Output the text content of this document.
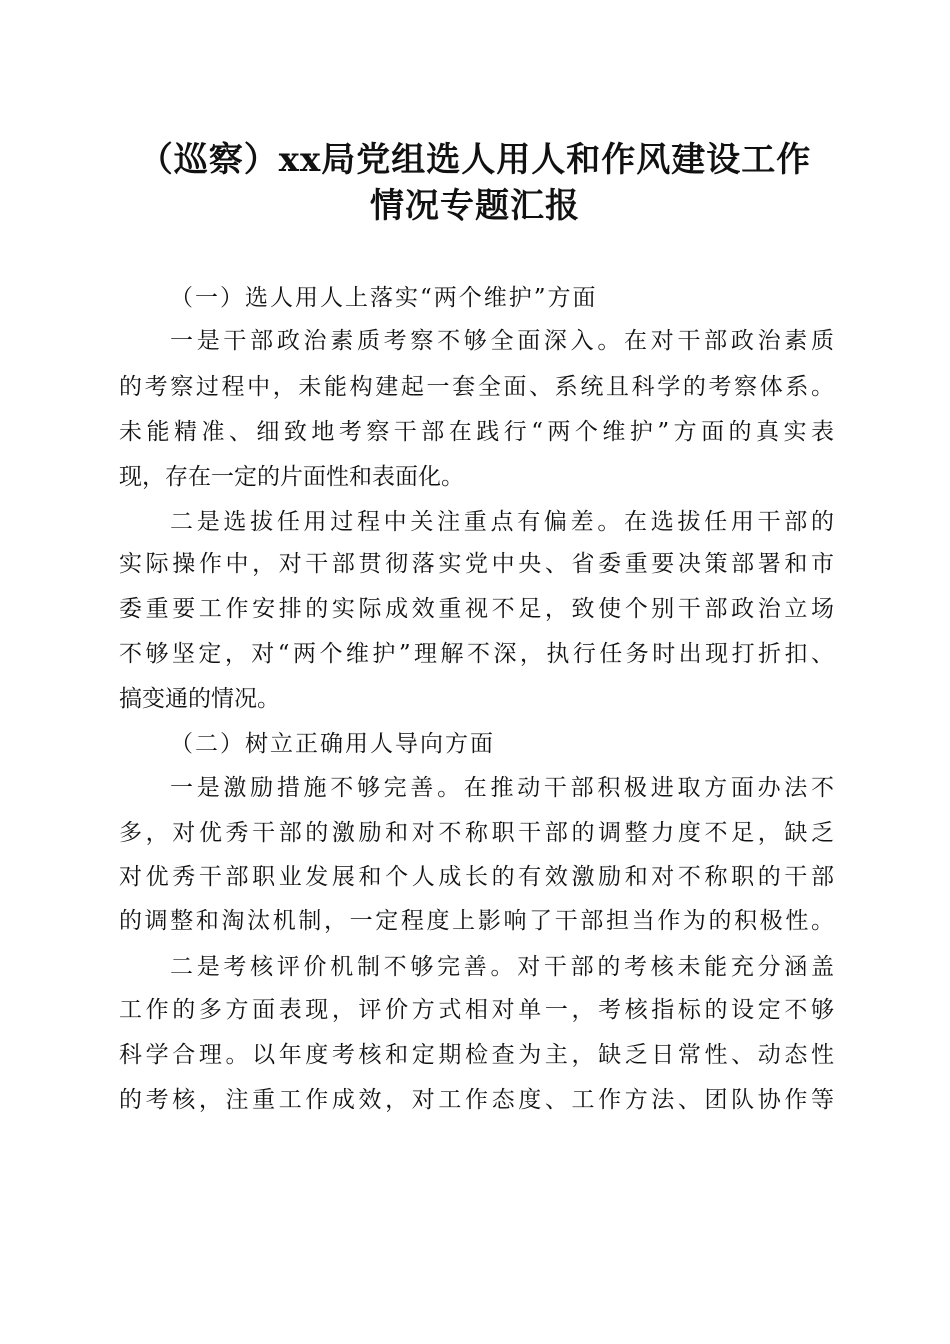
（巡察）xx局党组选人用人和作风建设工作
情况专题汇报
（一）选人用人上落实“两个维护”方面
一是干部政治素质考察不够全面深入。在对干部政治素质
的考察过程中，未能构建起一套全面、系统且科学的考察体系。
未能精准、细致地考察干部在践行“两个维护”方面的真实表
现，存在一定的片面性和表面化。
二是选拔任用过程中关注重点有偏差。在选拔任用干部的
实际操作中，对干部贯彻落实党中央、省委重要决策部署和市
委重要工作安排的实际成效重视不足，致使个别干部政治立场
不够坚定，对“两个维护”理解不深，执行任务时出现打折扣、
搞变通的情况。
（二）树立正确用人导向方面
一是激励措施不够完善。在推动干部积极进取方面办法不
多，对优秀干部的激励和对不称职干部的调整力度不足，缺乏
对优秀干部职业发展和个人成长的有效激励和对不称职的干部
的调整和淘汰机制，一定程度上影响了干部担当作为的积极性。
二是考核评价机制不够完善。对干部的考核未能充分涵盖
工作的多方面表现，评价方式相对单一，考核指标的设定不够
科学合理。以年度考核和定期检查为主，缺乏日常性、动态性
的考核，注重工作成效，对工作态度、工作方法、团队协作等
